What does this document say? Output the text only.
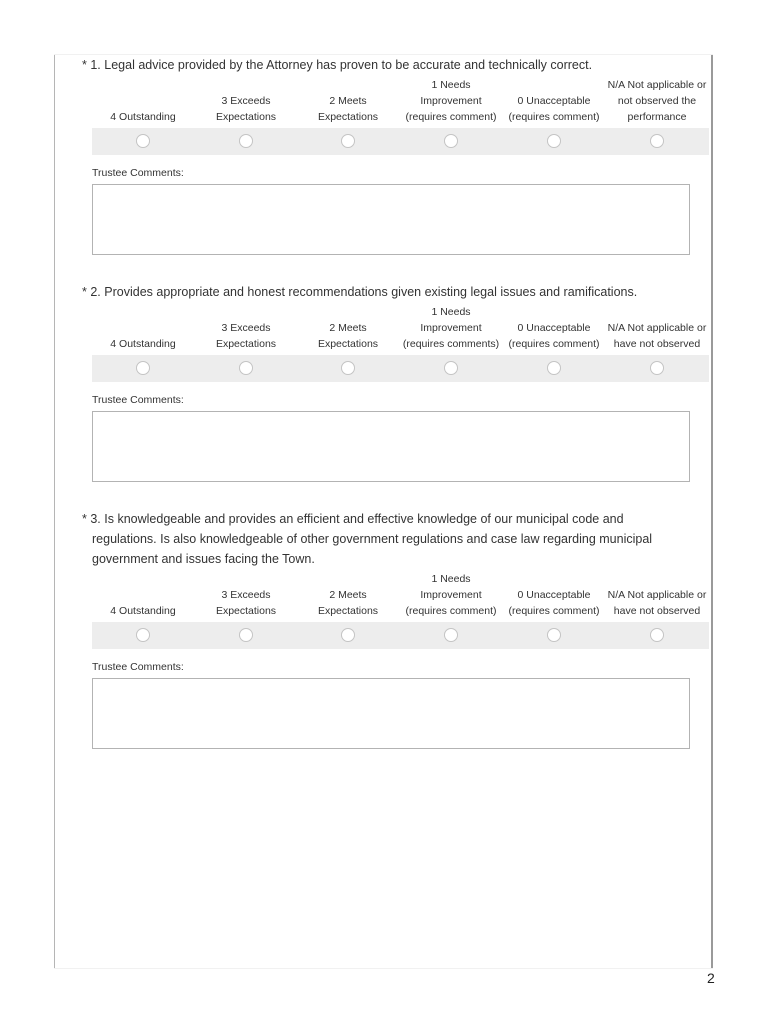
* 1. Legal advice provided by the Attorney has proven to be accurate and technically correct.

4 Outstanding
3 Exceeds
Expectations
2 Meets
Expectations
1 Needs
Improvement
(requires comment)
0 Unacceptable
(requires comment)
N/A Not applicable or
not observed the
performance
Trustee Comments:

* 2. Provides appropriate and honest recommendations given existing legal issues and ramifications.

4 Outstanding
3 Exceeds
Expectations
2 Meets
Expectations
1 Needs
Improvement
(requires comments)
0 Unacceptable
(requires comment)
N/A Not applicable or
have not observed
Trustee Comments:

* 3. Is knowledgeable and provides an efficient and effective knowledge of our municipal code and regulations. Is also knowledgeable of other government regulations and case law regarding municipal government and issues facing the Town.

4 Outstanding
3 Exceeds
Expectations
2 Meets
Expectations
1 Needs
Improvement
(requires comment)
0 Unacceptable
(requires comment)
N/A Not applicable or
have not observed
Trustee Comments:
2
